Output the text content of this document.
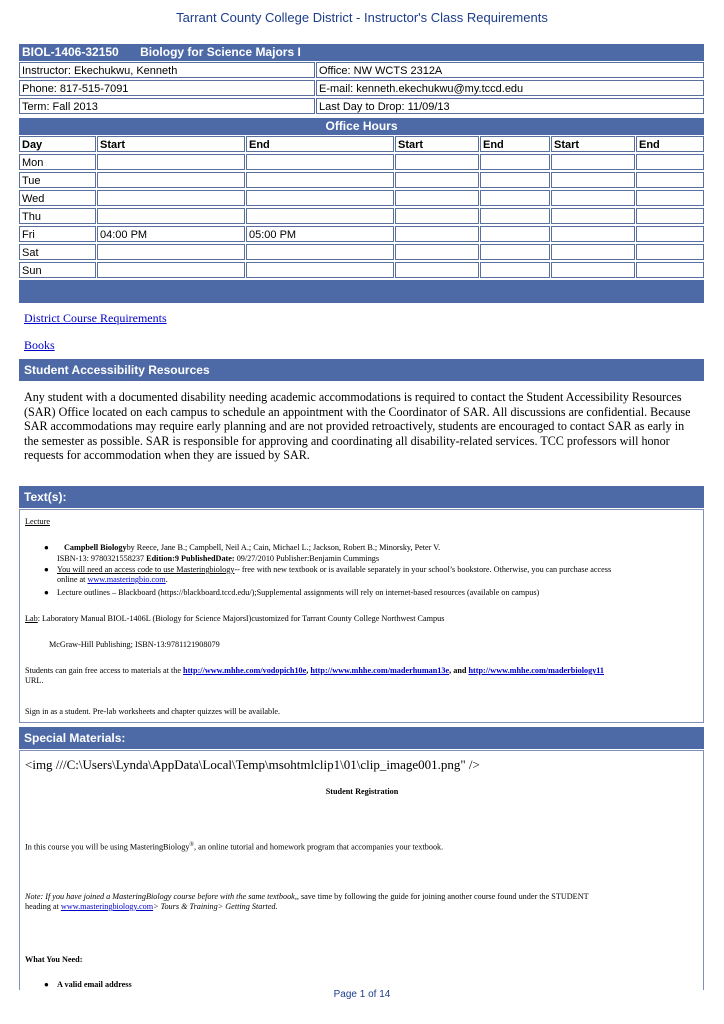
Tarrant County College District - Instructor's Class Requirements
BIOL-1406-32150 Biology for Science Majors I
Instructor: Ekechukwu, Kenneth	Office: NW WCTS 2312A
Phone: 817-515-7091	E-mail: kenneth.ekechukwu@my.tccd.edu
Term: Fall 2013	Last Day to Drop: 11/09/13
Office Hours
Day	Start	End	Start	End	Start	End
Mon
Tue
Wed
Thu
Fri	04:00 PM	05:00 PM
Sat
Sun
District Course Requirements
Books
Student Accessibility Resources
Any student with a documented disability needing academic accommodations is required to contact the Student Accessibility Resources (SAR) Office located on each campus to schedule an appointment with the Coordinator of SAR. All discussions are confidential. Because SAR accommodations may require early planning and are not provided retroactively, students are encouraged to contact SAR as early in the semester as possible. SAR is responsible for approving and coordinating all disability-related services. TCC professors will honor requests for accommodation when they are issued by SAR.
Text(s):
Lecture
● Campbell Biologyby Reece, Jane B.; Campbell, Neil A.; Cain, Michael L.; Jackson, Robert B.; Minorsky, Peter V.
ISBN-13: 9780321558237 Edition:9 PublishedDate: 09/27/2010 Publisher:Benjamin Cummings
● You will need an access code to use Masteringbiology-- free with new textbook or is available separately in your school’s bookstore. Otherwise, you can purchase access
online at www.masteringbio.com.
● Lecture outlines – Blackboard (https://blackboard.tccd.edu/);Supplemental assignments will rely on internet-based resources (available on campus)
Lab: Laboratory Manual BIOL-1406L (Biology for Science MajorsI)customized for Tarrant County College Northwest Campus
McGraw-Hill Publishing; ISBN-13:9781121908079
Students can gain free access to materials at the http://www.mhhe.com/vodopich10e, http://www.mhhe.com/maderhuman13e, and http://www.mhhe.com/maderbiology11
URL.
Sign in as a student. Pre-lab worksheets and chapter quizzes will be available.
Special Materials:
<img ///C:\Users\Lynda\AppData\Local\Temp\msohtmlclip1\01\clip_image001.png" />
Student Registration
In this course you will be using MasteringBiology®, an online tutorial and homework program that accompanies your textbook.
Note: If you have joined a MasteringBiology course before with the same textbook,, save time by following the guide for joining another course found under the STUDENT
heading at www.masteringbiology.com> Tours & Training> Getting Started.
What You Need:
● A valid email address
Page 1 of 14
